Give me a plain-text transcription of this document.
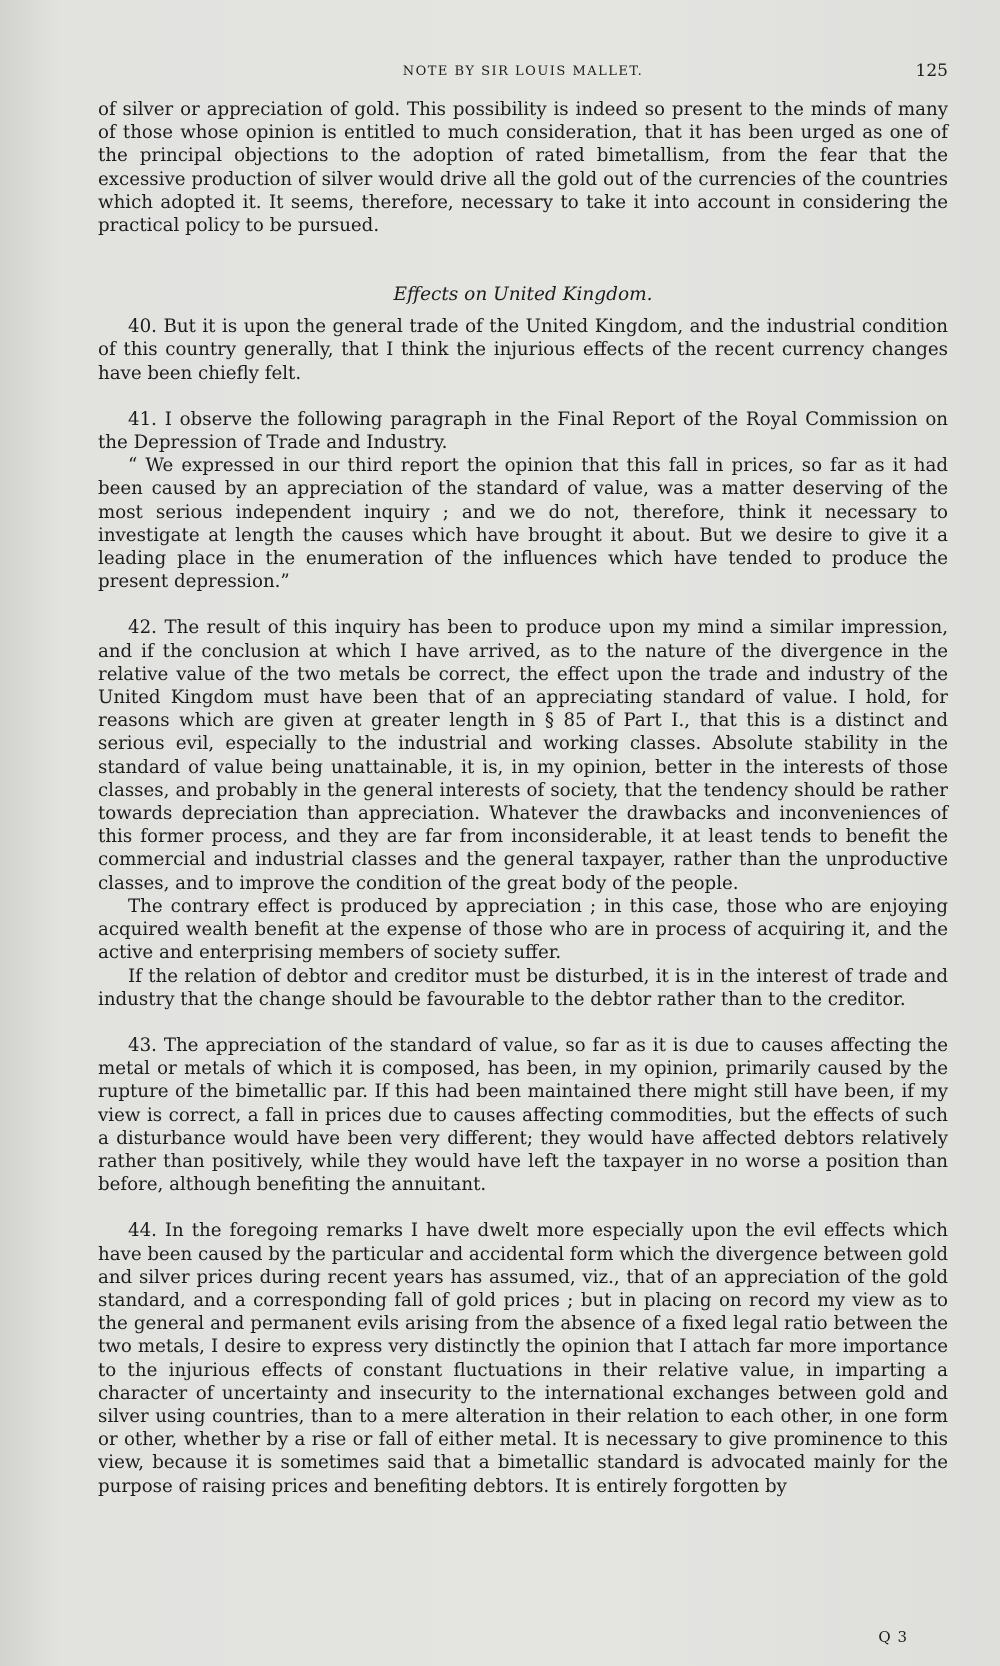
NOTE BY SIR LOUIS MALLET.	125

of silver or appreciation of gold. This possibility is indeed so present to the minds of many of those whose opinion is entitled to much consideration, that it has been urged as one of the principal objections to the adoption of rated bimetallism, from the fear that the excessive production of silver would drive all the gold out of the currencies of the countries which adopted it. It seems, therefore, necessary to take it into account in considering the practical policy to be pursued.

Effects on United Kingdom.

40. But it is upon the general trade of the United Kingdom, and the industrial condition of this country generally, that I think the injurious effects of the recent currency changes have been chiefly felt.

41. I observe the following paragraph in the Final Report of the Royal Commission on the Depression of Trade and Industry.

“ We expressed in our third report the opinion that this fall in prices, so far as it had been caused by an appreciation of the standard of value, was a matter deserving of the most serious independent inquiry ; and we do not, therefore, think it necessary to investigate at length the causes which have brought it about. But we desire to give it a leading place in the enumeration of the influences which have tended to produce the present depression.”

42. The result of this inquiry has been to produce upon my mind a similar impression, and if the conclusion at which I have arrived, as to the nature of the divergence in the relative value of the two metals be correct, the effect upon the trade and industry of the United Kingdom must have been that of an appreciating standard of value. I hold, for reasons which are given at greater length in § 85 of Part I., that this is a distinct and serious evil, especially to the industrial and working classes. Absolute stability in the standard of value being unattainable, it is, in my opinion, better in the interests of those classes, and probably in the general interests of society, that the tendency should be rather towards depreciation than appreciation. Whatever the drawbacks and inconveniences of this former process, and they are far from inconsiderable, it at least tends to benefit the commercial and industrial classes and the general taxpayer, rather than the unproductive classes, and to improve the condition of the great body of the people.

The contrary effect is produced by appreciation ; in this case, those who are enjoying acquired wealth benefit at the expense of those who are in process of acquiring it, and the active and enterprising members of society suffer.

If the relation of debtor and creditor must be disturbed, it is in the interest of trade and industry that the change should be favourable to the debtor rather than to the creditor.

43. The appreciation of the standard of value, so far as it is due to causes affecting the metal or metals of which it is composed, has been, in my opinion, primarily caused by the rupture of the bimetallic par. If this had been maintained there might still have been, if my view is correct, a fall in prices due to causes affecting commodities, but the effects of such a disturbance would have been very different; they would have affected debtors relatively rather than positively, while they would have left the taxpayer in no worse a position than before, although benefiting the annuitant.

44. In the foregoing remarks I have dwelt more especially upon the evil effects which have been caused by the particular and accidental form which the divergence between gold and silver prices during recent years has assumed, viz., that of an appreciation of the gold standard, and a corresponding fall of gold prices ; but in placing on record my view as to the general and permanent evils arising from the absence of a fixed legal ratio between the two metals, I desire to express very distinctly the opinion that I attach far more importance to the injurious effects of constant fluctuations in their relative value, in imparting a character of uncertainty and insecurity to the international exchanges between gold and silver using countries, than to a mere alteration in their relation to each other, in one form or other, whether by a rise or fall of either metal. It is necessary to give prominence to this view, because it is sometimes said that a bimetallic standard is advocated mainly for the purpose of raising prices and benefiting debtors. It is entirely forgotten by

Q 3
